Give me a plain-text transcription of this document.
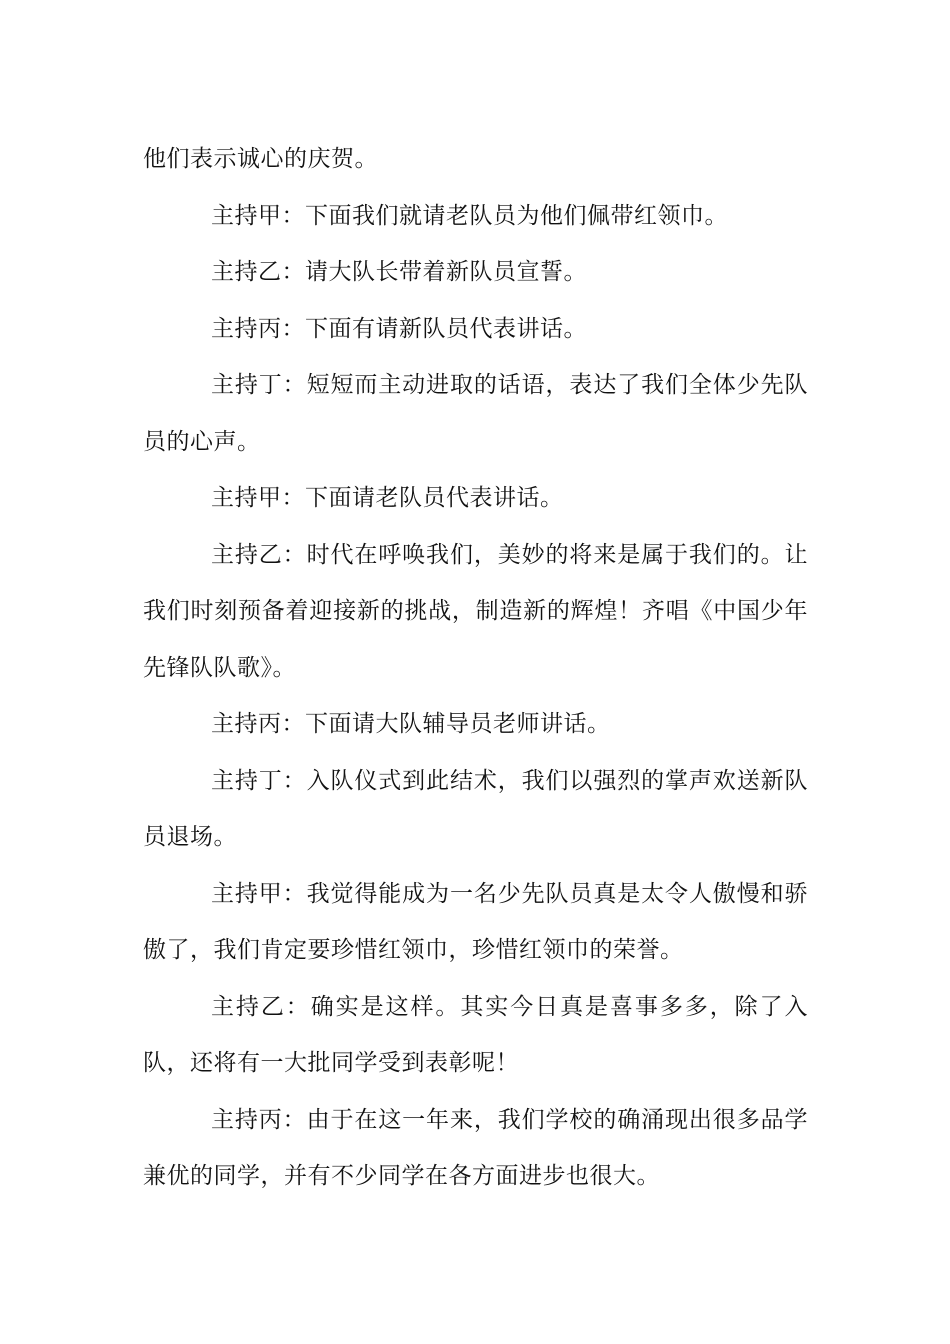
他们表示诚心的庆贺。

主持甲：下面我们就请老队员为他们佩带红领巾。

主持乙：请大队长带着新队员宣誓。

主持丙：下面有请新队员代表讲话。

主持丁：短短而主动进取的话语，表达了我们全体少先队员的心声。

主持甲：下面请老队员代表讲话。

主持乙：时代在呼唤我们，美妙的将来是属于我们的。让我们时刻预备着迎接新的挑战，制造新的辉煌！齐唱《中国少年先锋队队歌》。

主持丙：下面请大队辅导员老师讲话。

主持丁：入队仪式到此结术，我们以强烈的掌声欢送新队员退场。

主持甲：我觉得能成为一名少先队员真是太令人傲慢和骄傲了，我们肯定要珍惜红领巾，珍惜红领巾的荣誉。

主持乙：确实是这样。其实今日真是喜事多多，除了入队，还将有一大批同学受到表彰呢！

主持丙：由于在这一年来，我们学校的确涌现出很多品学兼优的同学，并有不少同学在各方面进步也很大。
